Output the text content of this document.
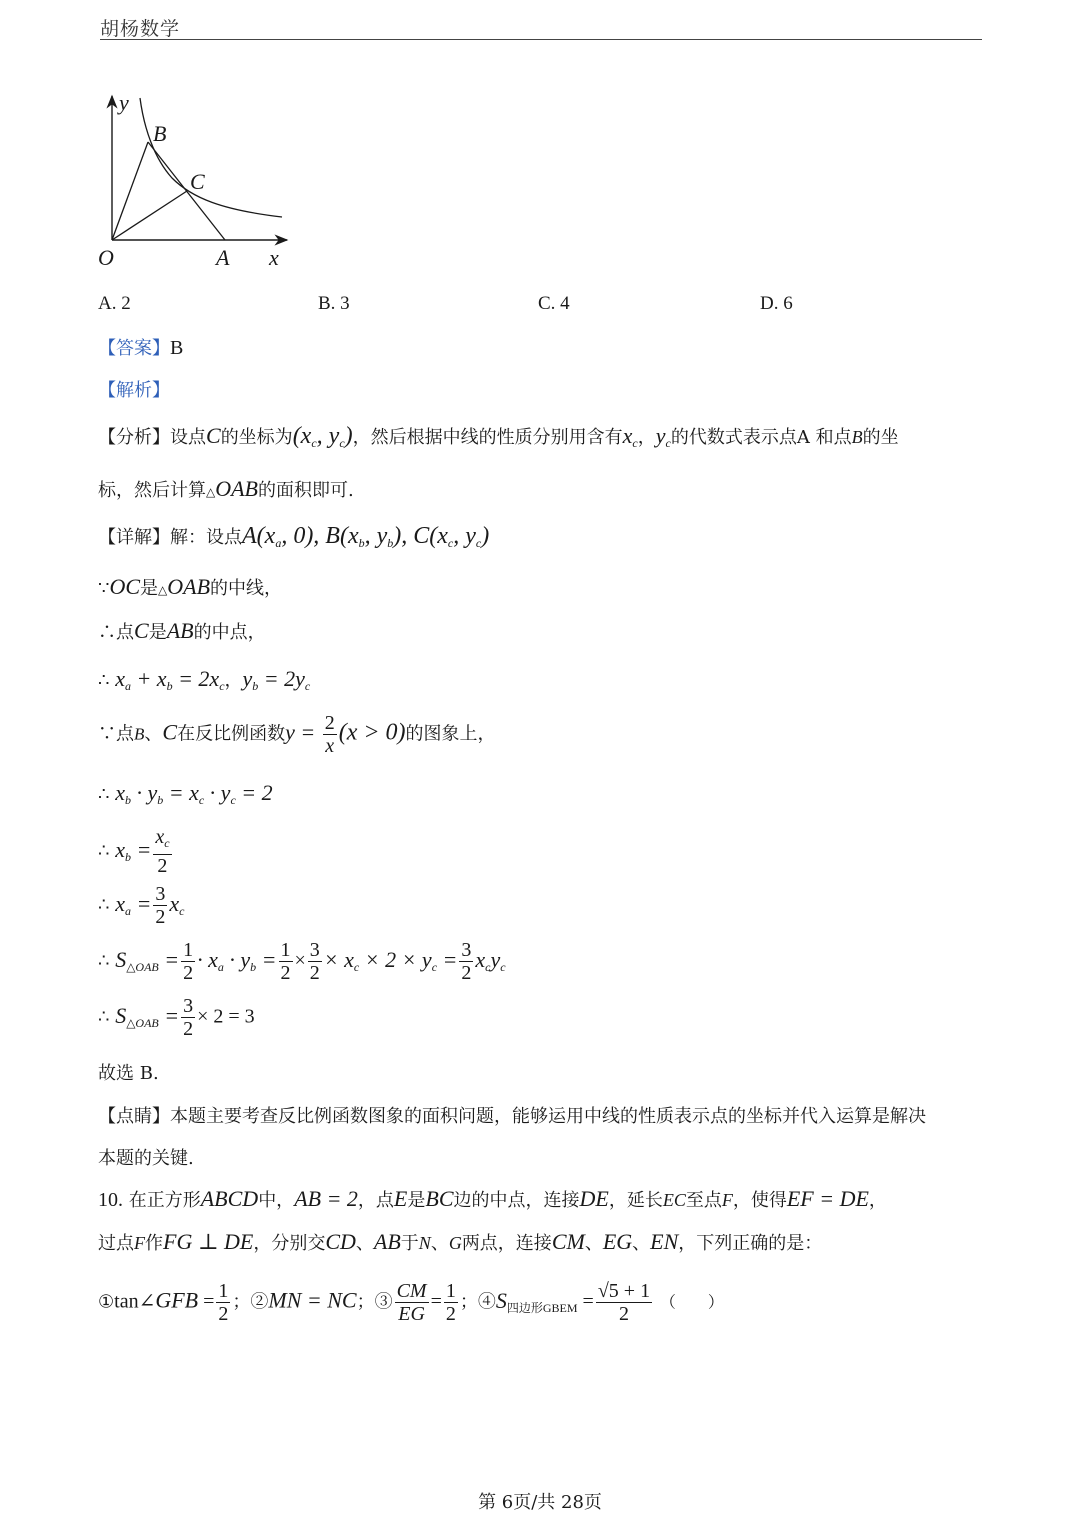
胡杨数学
y
B
C
O	A x
A. 2	B. 3	C. 4	D. 6
【答案】B
【解析】
【分析】设点C的坐标为($x_c$, $y_c$)，然后根据中线的性质分别用含有$x_c$，$y_c$的代数式表示点A 和点B的坐
标，然后计算△OAB的面积即可.
【详解】解：设点$A(x_a$, 0), $B(x_b$, $y_b$), $C(x_c$, $y_c$)
∵OC是△OAB的中线，
∴点C是AB的中点，
∴ $x_a + x_b = 2x_c$，$y_b = 2y_c$
∵点B、C在反比例函数$y = \frac{2}{x} (x > 0)$的图象上，
∴ $x_b \cdot y_b = x_c \cdot y_c = 2$
∴ $x_b = \frac{x_c}{2}$
∴ $x_a = \frac{3}{2} x_c$
∴ $S_{\triangle OAB} = \frac{1}{2} \cdot x_a \cdot y_b = \frac{1}{2} \times \frac{3}{2} \times x_c \times 2 \times y_c = \frac{3}{2} x_cy_c$
∴ $S_{\triangle OAB} = \frac{3}{2} \times 2 = 3$
故选 B.
【点睛】本题主要考查反比例函数图象的面积问题，能够运用中线的性质表示点的坐标并代入运算是解决
本题的关键.
10. 在正方形ABCD中，AB = 2，点E是BC边的中点，连接DE，延长EC至点F，使得EF = DE，
过点F作FG ⊥ DE，分别交CD、AB于N、G两点，连接CM、EG、EN，下列正确的是：
①tan∠GFB = $\frac{1}{2}$ ；②MN = NC；③ $\frac{CM}{EG} = \frac{1}{2}$ ；$④S_{四边形GBEM} = \frac{√5 + 1}{2}$ （　　）
第 6页/共 28页
